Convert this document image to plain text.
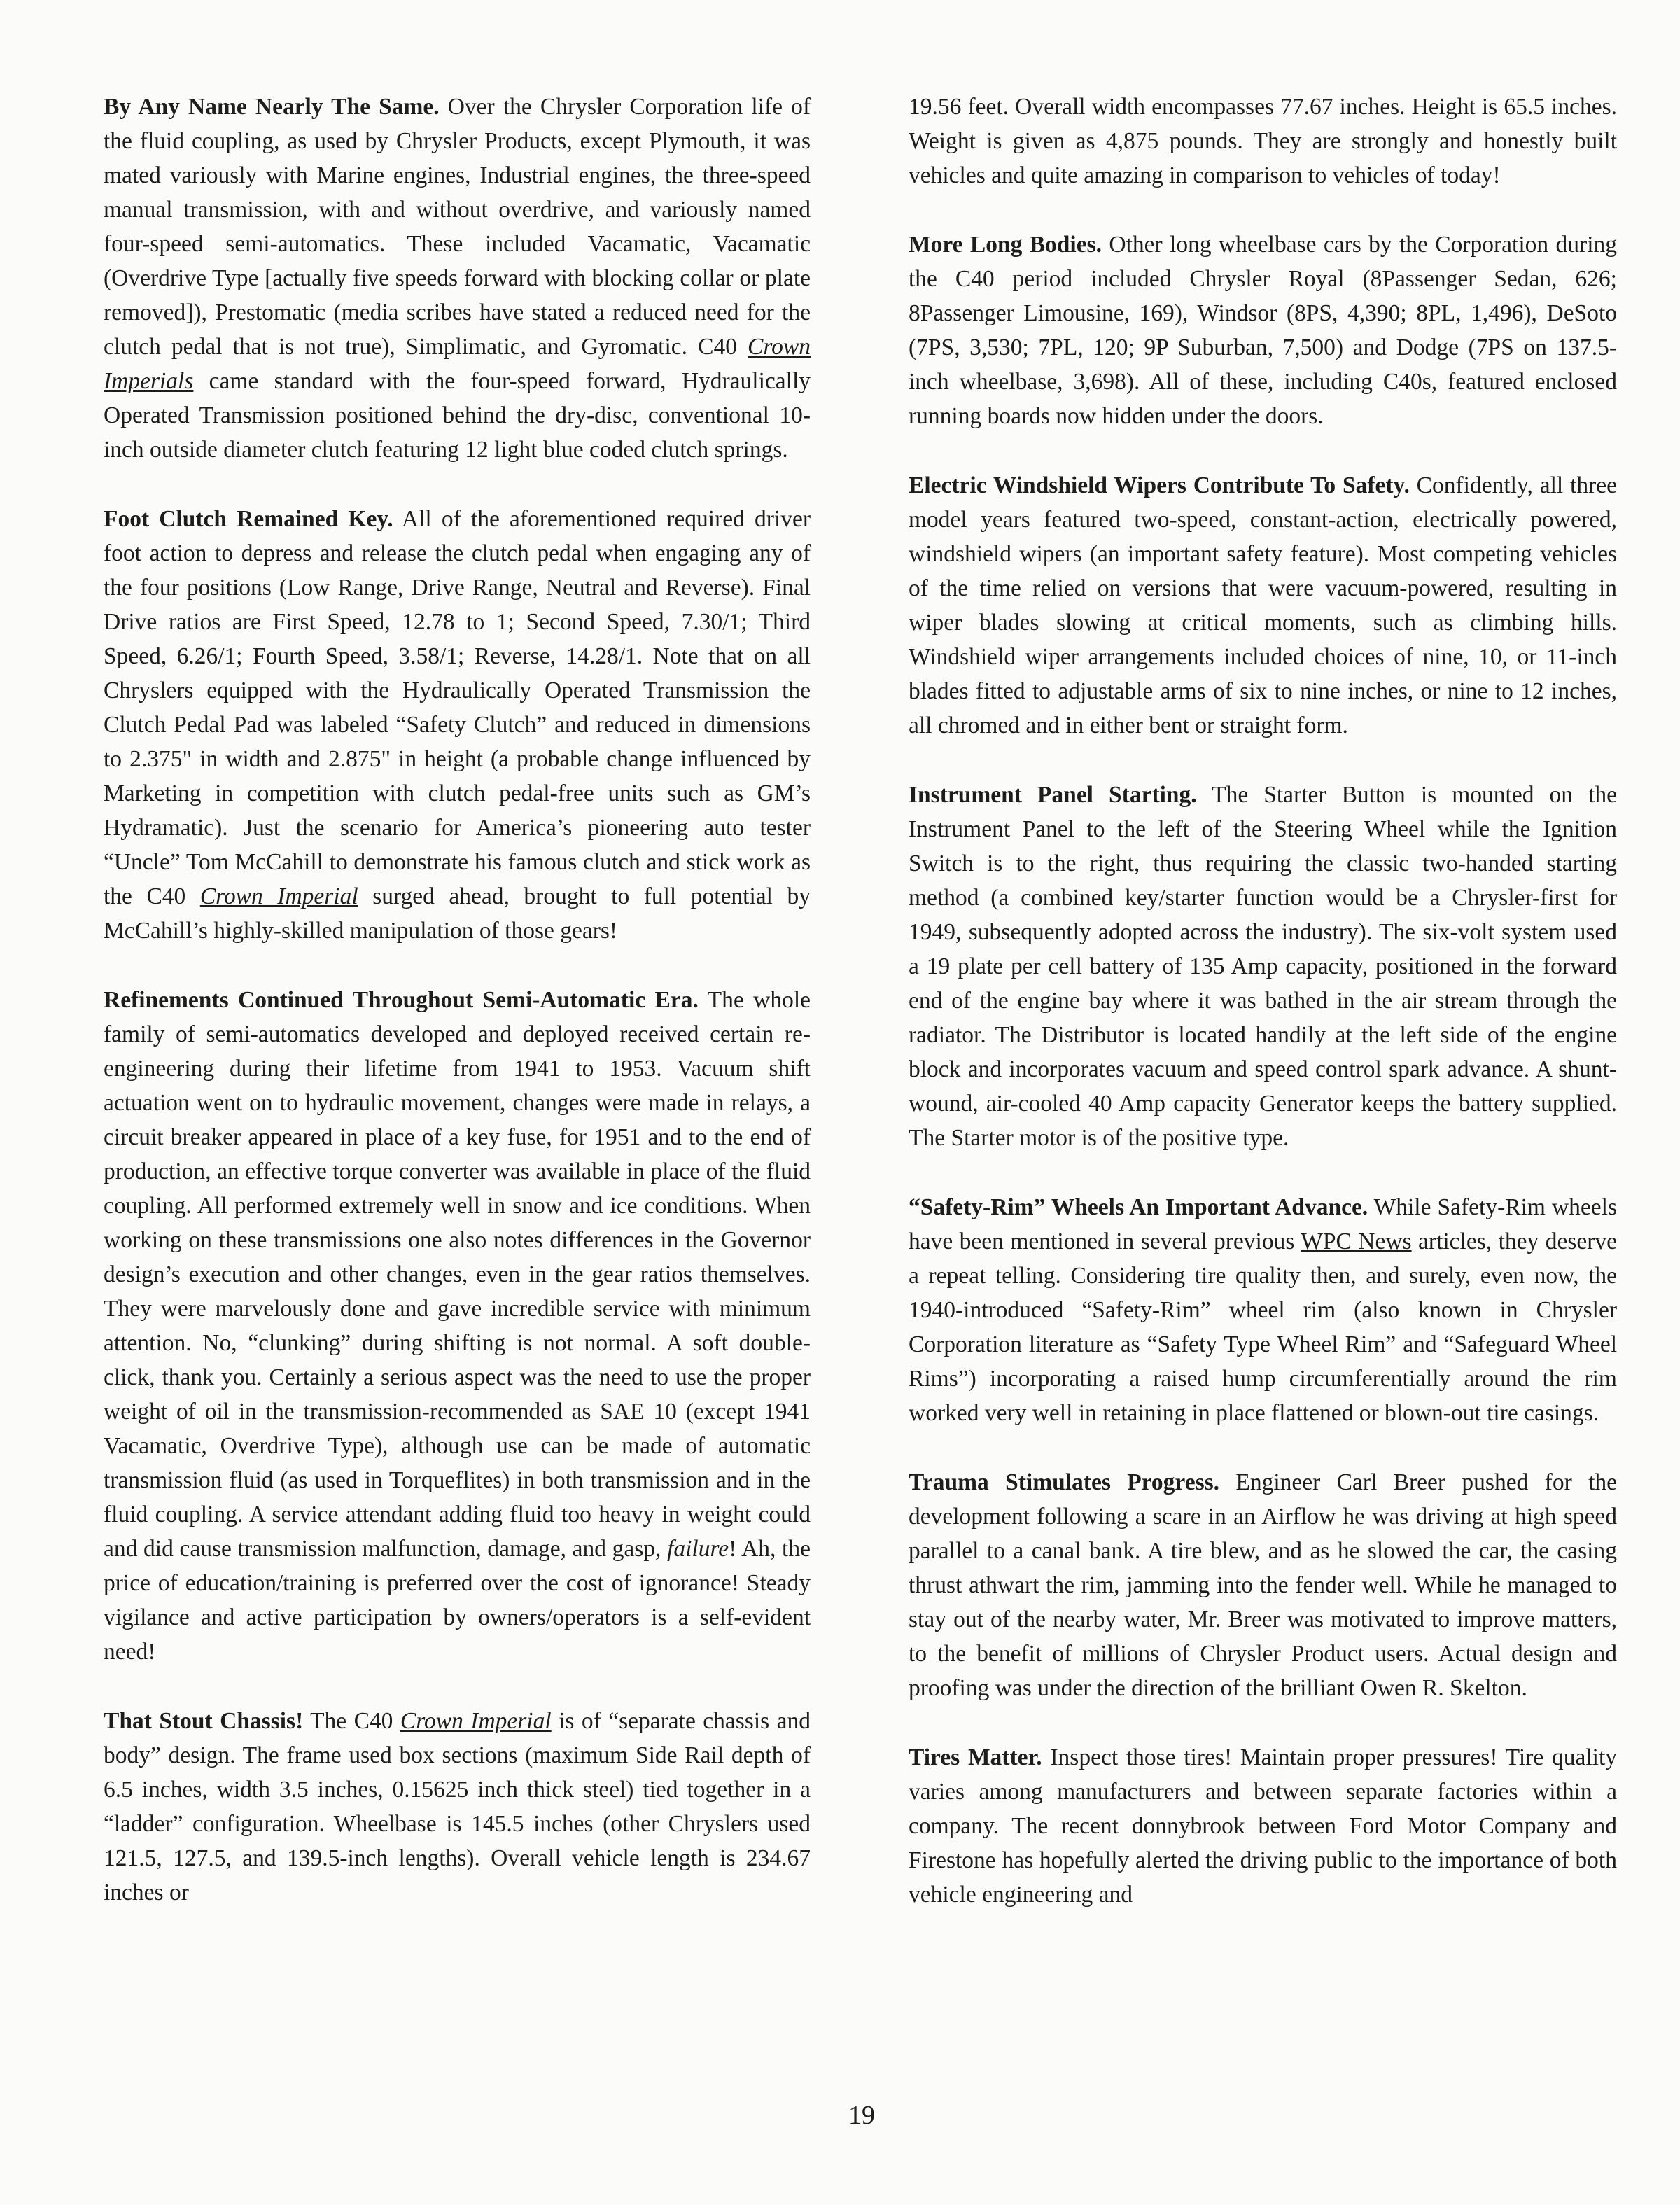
By Any Name Nearly The Same. Over the Chrysler Corporation life of the fluid coupling, as used by Chrysler Products, except Plymouth, it was mated variously with Marine engines, Industrial engines, the three-speed manual transmission, with and without overdrive, and variously named four-speed semi-automatics. These included Vacamatic, Vacamatic (Overdrive Type [actually five speeds forward with blocking collar or plate removed]), Prestomatic (media scribes have stated a reduced need for the clutch pedal that is not true), Simplimatic, and Gyromatic. C40 Crown Imperials came standard with the four-speed forward, Hydraulically Operated Transmission positioned behind the dry-disc, conventional 10-inch outside diameter clutch featuring 12 light blue coded clutch springs.

Foot Clutch Remained Key. All of the aforementioned required driver foot action to depress and release the clutch pedal when engaging any of the four positions (Low Range, Drive Range, Neutral and Reverse). Final Drive ratios are First Speed, 12.78 to 1; Second Speed, 7.30/1; Third Speed, 6.26/1; Fourth Speed, 3.58/1; Reverse, 14.28/1. Note that on all Chryslers equipped with the Hydraulically Operated Transmission the Clutch Pedal Pad was labeled “Safety Clutch” and reduced in dimensions to 2.375" in width and 2.875" in height (a probable change influenced by Marketing in competition with clutch pedal-free units such as GM’s Hydramatic). Just the scenario for America’s pioneering auto tester “Uncle” Tom McCahill to demonstrate his famous clutch and stick work as the C40 Crown Imperial surged ahead, brought to full potential by McCahill’s highly-skilled manipulation of those gears!

Refinements Continued Throughout Semi-Automatic Era. The whole family of semi-automatics developed and deployed received certain re-engineering during their lifetime from 1941 to 1953. Vacuum shift actuation went on to hydraulic movement, changes were made in relays, a circuit breaker appeared in place of a key fuse, for 1951 and to the end of production, an effective torque converter was available in place of the fluid coupling. All performed extremely well in snow and ice conditions. When working on these transmissions one also notes differences in the Governor design’s execution and other changes, even in the gear ratios themselves. They were marvelously done and gave incredible service with minimum attention. No, “clunking” during shifting is not normal. A soft double-click, thank you. Certainly a serious aspect was the need to use the proper weight of oil in the transmission-recommended as SAE 10 (except 1941 Vacamatic, Overdrive Type), although use can be made of automatic transmission fluid (as used in Torqueflites) in both transmission and in the fluid coupling. A service attendant adding fluid too heavy in weight could and did cause transmission malfunction, damage, and gasp, failure! Ah, the price of education/training is preferred over the cost of ignorance! Steady vigilance and active participation by owners/operators is a self-evident need!

That Stout Chassis! The C40 Crown Imperial is of “separate chassis and body” design. The frame used box sections (maximum Side Rail depth of 6.5 inches, width 3.5 inches, 0.15625 inch thick steel) tied together in a “ladder” configuration. Wheelbase is 145.5 inches (other Chryslers used 121.5, 127.5, and 139.5-inch lengths). Overall vehicle length is 234.67 inches or

19.56 feet. Overall width encompasses 77.67 inches. Height is 65.5 inches. Weight is given as 4,875 pounds. They are strongly and honestly built vehicles and quite amazing in comparison to vehicles of today!

More Long Bodies. Other long wheelbase cars by the Corporation during the C40 period included Chrysler Royal (8Passenger Sedan, 626; 8Passenger Limousine, 169), Windsor (8PS, 4,390; 8PL, 1,496), DeSoto (7PS, 3,530; 7PL, 120; 9P Suburban, 7,500) and Dodge (7PS on 137.5-inch wheelbase, 3,698). All of these, including C40s, featured enclosed running boards now hidden under the doors.

Electric Windshield Wipers Contribute To Safety. Confidently, all three model years featured two-speed, constant-action, electrically powered, windshield wipers (an important safety feature). Most competing vehicles of the time relied on versions that were vacuum-powered, resulting in wiper blades slowing at critical moments, such as climbing hills. Windshield wiper arrangements included choices of nine, 10, or 11-inch blades fitted to adjustable arms of six to nine inches, or nine to 12 inches, all chromed and in either bent or straight form.

Instrument Panel Starting. The Starter Button is mounted on the Instrument Panel to the left of the Steering Wheel while the Ignition Switch is to the right, thus requiring the classic two-handed starting method (a combined key/starter function would be a Chrysler-first for 1949, subsequently adopted across the industry). The six-volt system used a 19 plate per cell battery of 135 Amp capacity, positioned in the forward end of the engine bay where it was bathed in the air stream through the radiator. The Distributor is located handily at the left side of the engine block and incorporates vacuum and speed control spark advance. A shunt-wound, air-cooled 40 Amp capacity Generator keeps the battery supplied. The Starter motor is of the positive type.

“Safety-Rim” Wheels An Important Advance. While Safety-Rim wheels have been mentioned in several previous WPC News articles, they deserve a repeat telling. Considering tire quality then, and surely, even now, the 1940-introduced “Safety-Rim” wheel rim (also known in Chrysler Corporation literature as “Safety Type Wheel Rim” and “Safeguard Wheel Rims”) incorporating a raised hump circumferentially around the rim worked very well in retaining in place flattened or blown-out tire casings.

Trauma Stimulates Progress. Engineer Carl Breer pushed for the development following a scare in an Airflow he was driving at high speed parallel to a canal bank. A tire blew, and as he slowed the car, the casing thrust athwart the rim, jamming into the fender well. While he managed to stay out of the nearby water, Mr. Breer was motivated to improve matters, to the benefit of millions of Chrysler Product users. Actual design and proofing was under the direction of the brilliant Owen R. Skelton.

Tires Matter. Inspect those tires! Maintain proper pressures! Tire quality varies among manufacturers and between separate factories within a company. The recent donnybrook between Ford Motor Company and Firestone has hopefully alerted the driving public to the importance of both vehicle engineering and

19
